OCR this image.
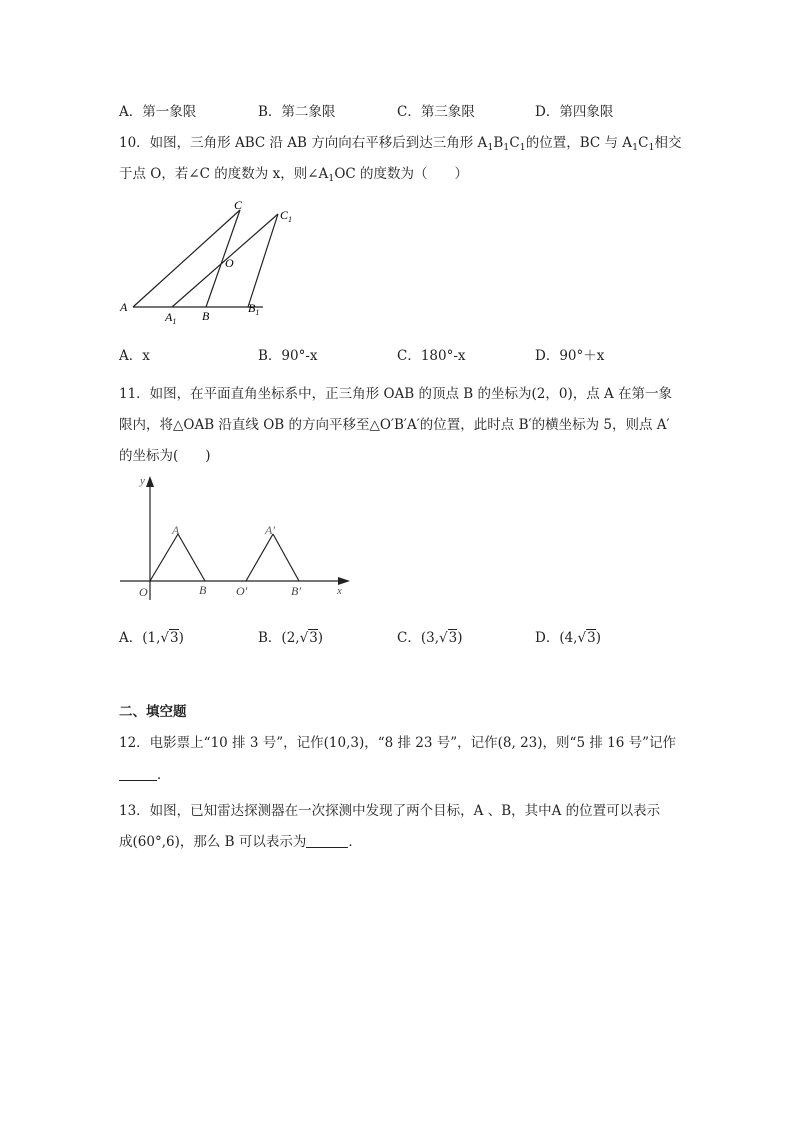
A．第一象限	B．第二象限	C．第三象限	D．第四象限
10．如图，三角形 ABC 沿 AB 方向向右平移后到达三角形 $A_1B_1C_1$的位置，BC 与 $A_1C_1$相交
于点 O，若∠C 的度数为 x，则$\angle A_1OC$ 的度数为（　　）
A
C
O
B
$A_1$
$B_1$
$C_1$
A．x	B．90°-x	C．180°-x	D．90°＋x
11．如图，在平面直角坐标系中，正三角形 OAB 的顶点 B 的坐标为(2，0)，点 A 在第一象
限内，将△OAB 沿直线 OB 的方向平移至△O′B′A′的位置，此时点 B′的横坐标为 5，则点 A′
的坐标为(　　)
y
x
O
A
B O′
A′
B′
A．(1,√3)	B．(2,√3)	C．(3,√3)	D．(4,√3)
二、填空题
12．电影票上“10 排 3 号”，记作(10,3)，“8 排 23 号”，记作(8, 23)，则“5 排 16 号”记作
．
13．如图，已知雷达探测器在一次探测中发现了两个目标，A 、B，其中A 的位置可以表示
成(60°,6)，那么 B 可以表示为	．
